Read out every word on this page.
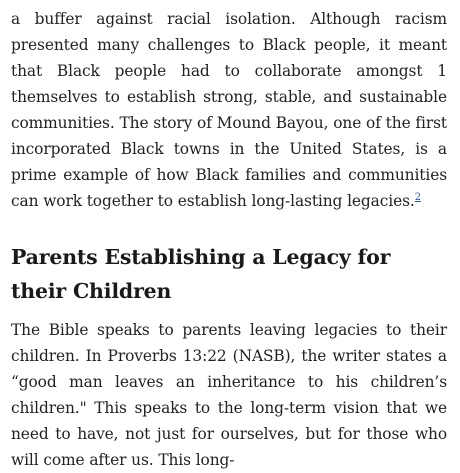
a buffer against racial isolation. Although racism presented many challenges to Black people, it meant that Black people had to collaborate amongst 1 themselves to establish strong, stable, and sustainable communities. The story of Mound Bayou, one of the first incorporated Black towns in the United States, is a prime example of how Black families and communities can work together to establish long-lasting legacies.$^2$

Parents Establishing a Legacy for their Children

The Bible speaks to parents leaving legacies to their children. In Proverbs 13:22 (NASB), the writer states a “good man leaves an inheritance to his children’s children." This speaks to the long-term vision that we need to have, not just for ourselves, but for those who will come after us. This long-
